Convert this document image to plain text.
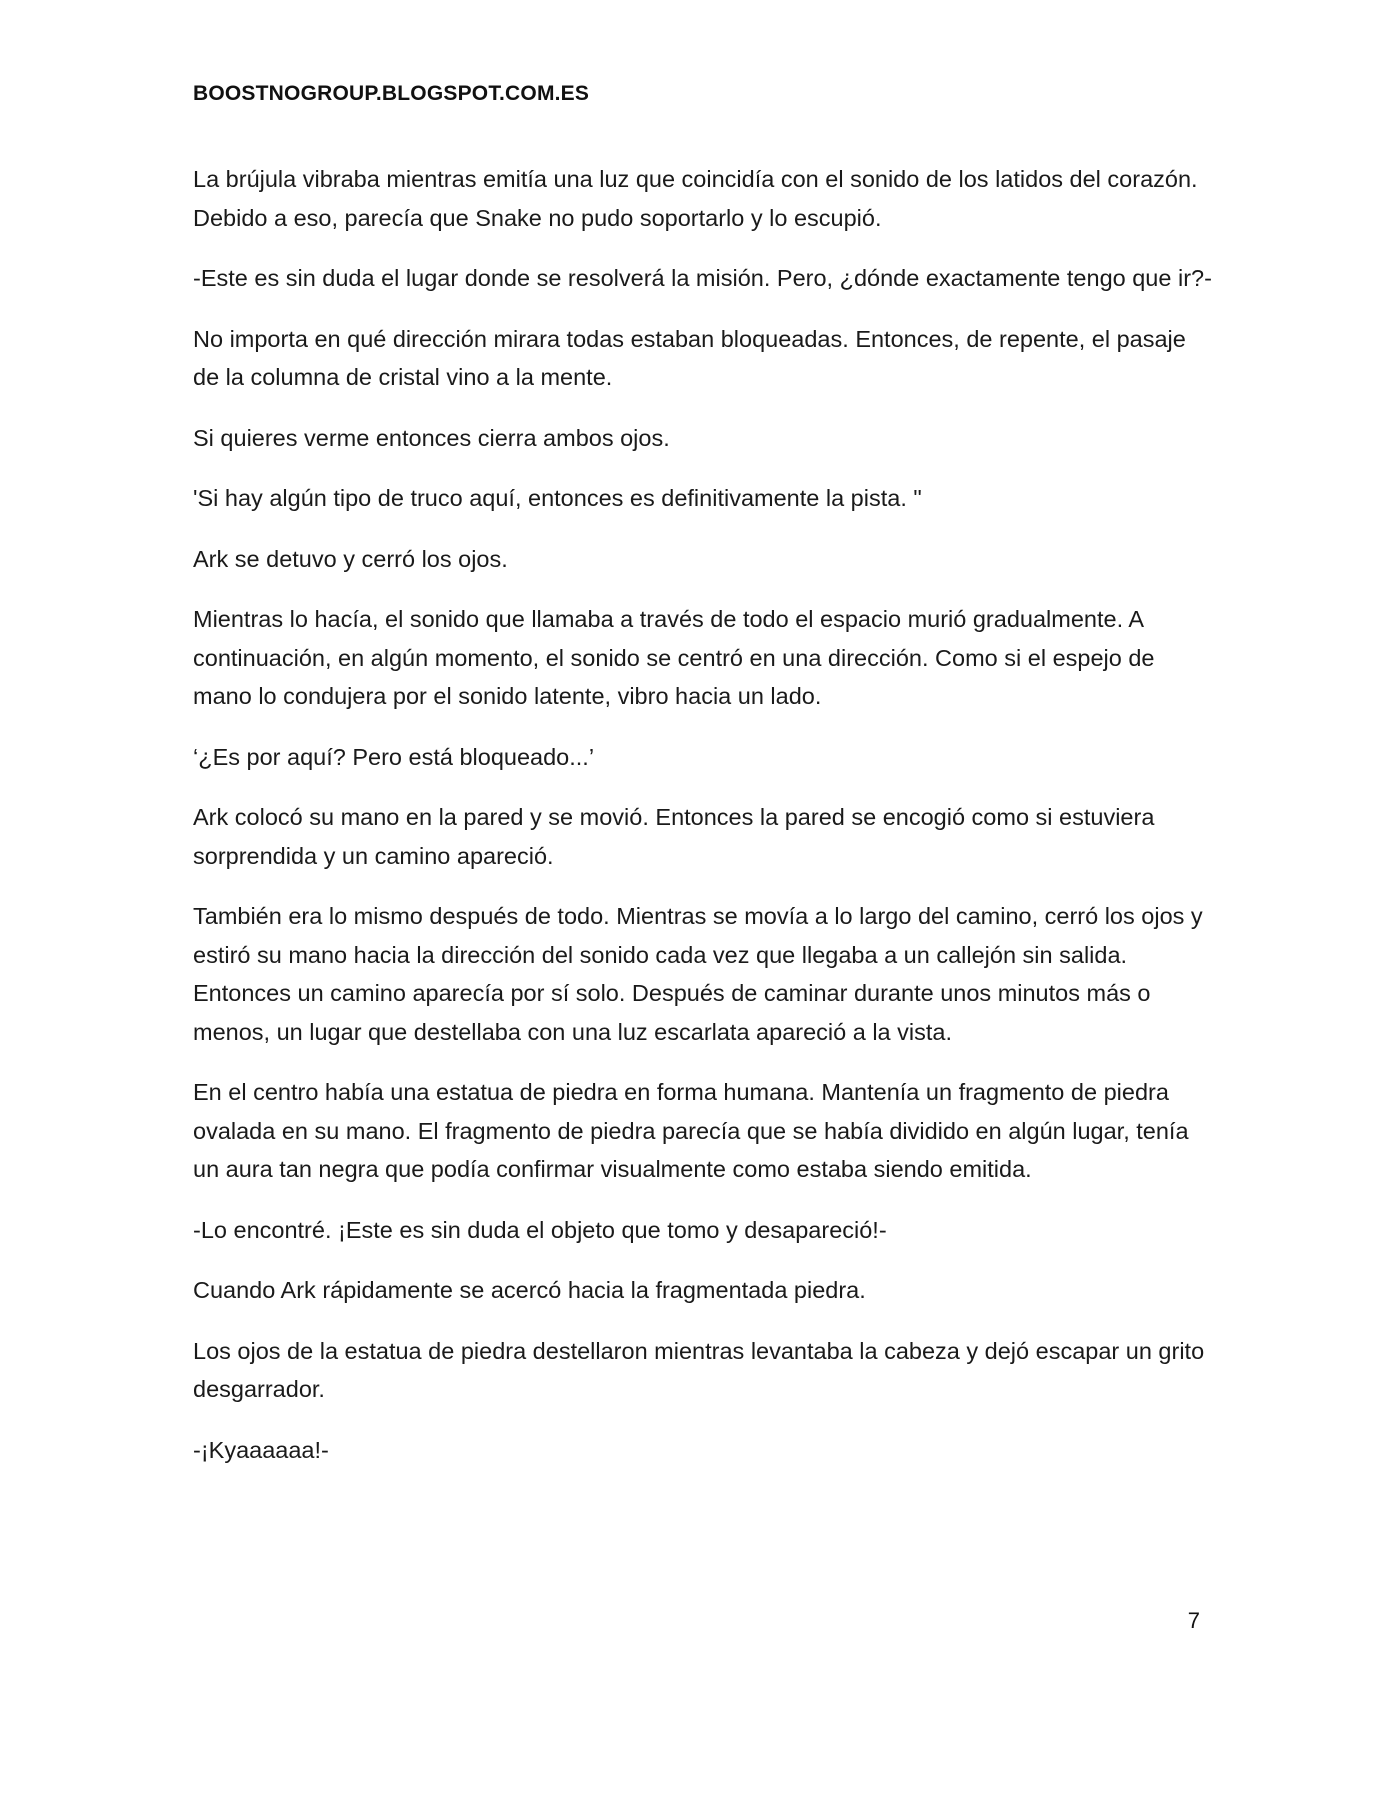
BOOSTNOGROUP.BLOGSPOT.COM.ES

La brújula vibraba mientras emitía una luz que coincidía con el sonido de los latidos del corazón. Debido a eso, parecía que Snake no pudo soportarlo y lo escupió.

-Este es sin duda el lugar donde se resolverá la misión. Pero, ¿dónde exactamente tengo que ir?-

No importa en qué dirección mirara todas estaban bloqueadas. Entonces, de repente, el pasaje de la columna de cristal vino a la mente.

Si quieres verme entonces cierra ambos ojos.

'Si hay algún tipo de truco aquí, entonces es definitivamente la pista. "

Ark se detuvo y cerró los ojos.

Mientras lo hacía, el sonido que llamaba a través de todo el espacio murió gradualmente. A continuación, en algún momento, el sonido se centró en una dirección. Como si el espejo de mano lo condujera por el sonido latente, vibro hacia un lado.

‘¿Es por aquí? Pero está bloqueado...’

Ark colocó su mano en la pared y se movió. Entonces la pared se encogió como si estuviera sorprendida y un camino apareció.

También era lo mismo después de todo. Mientras se movía a lo largo del camino, cerró los ojos y estiró su mano hacia la dirección del sonido cada vez que llegaba a un callejón sin salida. Entonces un camino aparecía por sí solo. Después de caminar durante unos minutos más o menos, un lugar que destellaba con una luz escarlata apareció a la vista.

En el centro había una estatua de piedra en forma humana. Mantenía un fragmento de piedra ovalada en su mano. El fragmento de piedra parecía que se había dividido en algún lugar, tenía un aura tan negra que podía confirmar visualmente como estaba siendo emitida.

-Lo encontré. ¡Este es sin duda el objeto que tomo y desapareció!-

Cuando Ark rápidamente se acercó hacia la fragmentada piedra.

Los ojos de la estatua de piedra destellaron mientras levantaba la cabeza y dejó escapar un grito desgarrador.

-¡Kyaaaaaa!-

7
